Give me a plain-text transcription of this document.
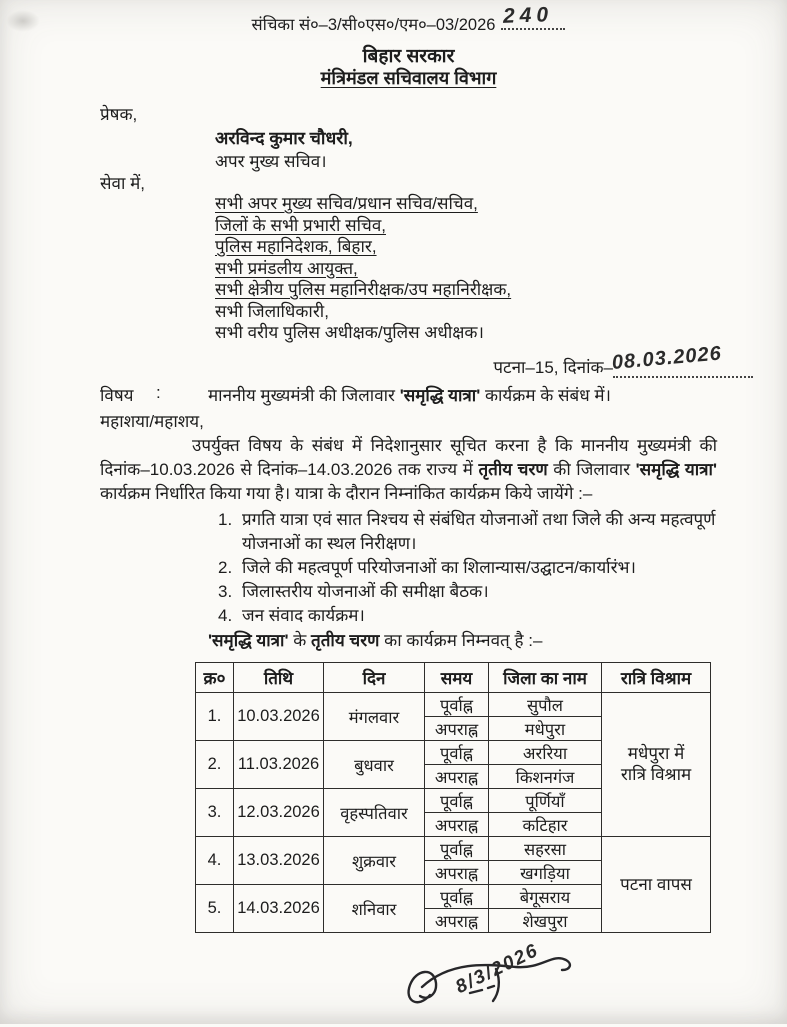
संचिका सं०–3/सी०एस०/एम०–03/2026 240
बिहार सरकार
मंत्रिमंडल सचिवालय विभाग
प्रेषक,
अरविन्द कुमार चौधरी,
अपर मुख्य सचिव।
सेवा में,
सभी अपर मुख्य सचिव/प्रधान सचिव/सचिव,
जिलों के सभी प्रभारी सचिव,
पुलिस महानिदेशक, बिहार,
सभी प्रमंडलीय आयुक्त,
सभी क्षेत्रीय पुलिस महानिरीक्षक/उप महानिरीक्षक,
सभी जिलाधिकारी,
सभी वरीय पुलिस अधीक्षक/पुलिस अधीक्षक।
पटना–15, दिनांक–
08.03.2026
विषय	:	माननीय मुख्यमंत्री की जिलावार 'समृद्धि यात्रा' कार्यक्रम के संबंध में।
महाशया/महाशय,
उपर्युक्त विषय के संबंध में निदेशानुसार सूचित करना है कि माननीय मुख्यमंत्री की दिनांक–10.03.2026 से दिनांक–14.03.2026 तक राज्य में तृतीय चरण की जिलावार 'समृद्धि यात्रा' कार्यक्रम निर्धारित किया गया है। यात्रा के दौरान निम्नांकित कार्यक्रम किये जायेंगे :–
1. प्रगति यात्रा एवं सात निश्चय से संबंधित योजनाओं तथा जिले की अन्य महत्वपूर्ण योजनाओं का स्थल निरीक्षण।
2. जिले की महत्वपूर्ण परियोजनाओं का शिलान्यास/उद्घाटन/कार्यारंभ।
3. जिलास्तरीय योजनाओं की समीक्षा बैठक।
4. जन संवाद कार्यक्रम।
'समृद्धि यात्रा' के तृतीय चरण का कार्यक्रम निम्नवत् है :–
क्र०	तिथि	दिन	समय	जिला का नाम	रात्रि विश्राम
1.	10.03.2026	मंगलवार	पूर्वाह्न	सुपौल	मधेपुरा में
रात्रि विश्राम

			अपराह्न	मधेपुरा	
2.	11.03.2026	बुधवार	पूर्वाह्न	अररिया	
			अपराह्न	किशनगंज	
3.	12.03.2026	वृहस्पतिवार	पूर्वाह्न	पूर्णियाँ	
			अपराह्न	कटिहार	
4.	13.03.2026	शुक्रवार	पूर्वाह्न	सहरसा	पटना वापस
			अपराह्न	खगड़िया	
5.	14.03.2026	शनिवार	पूर्वाह्न	बेगूसराय	
			अपराह्न	शेखपुरा	
8/3/2026
